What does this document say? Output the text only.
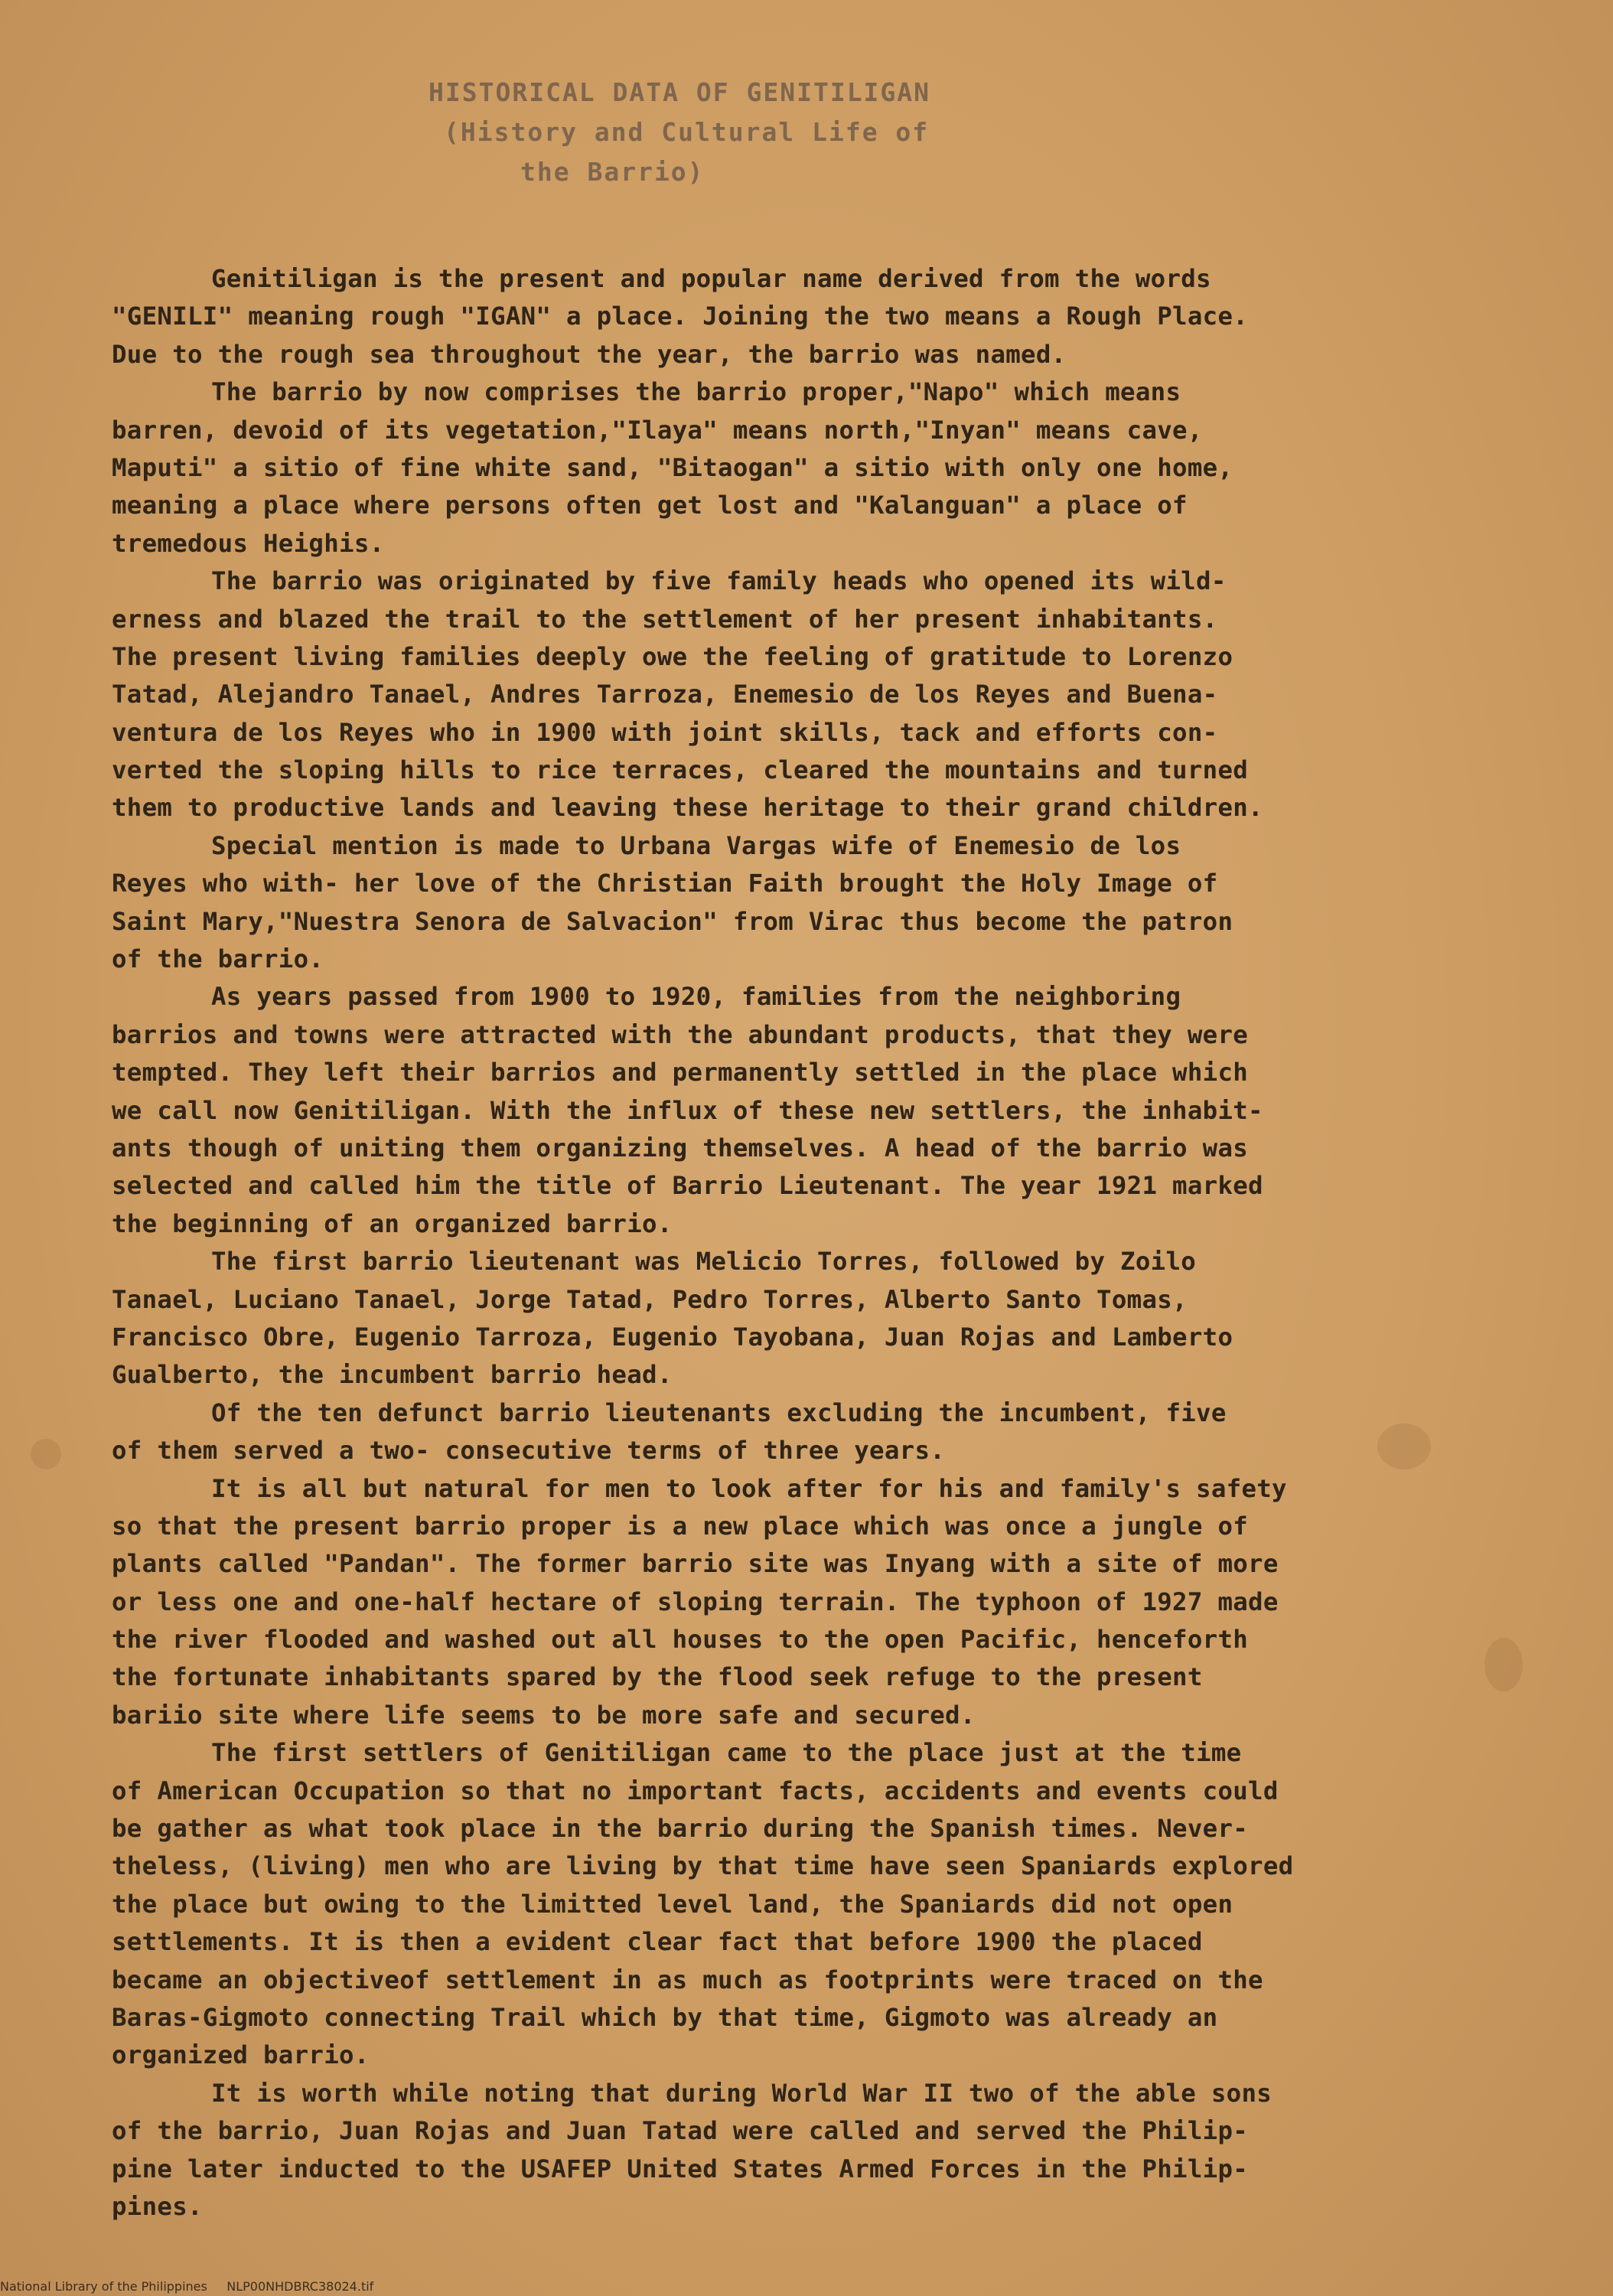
HISTORICAL DATA OF GENITILIGAN
(History and Cultural Life of
the Barrio)
Genitiligan is the present and popular name derived from the words
"GENILI" meaning rough "IGAN" a place. Joining the two means a Rough Place.
Due to the rough sea throughout the year, the barrio was named.
The barrio by now comprises the barrio proper,"Napo" which means
barren, devoid of its vegetation,"Ilaya" means north,"Inyan" means cave,
Maputi" a sitio of fine white sand, "Bitaogan" a sitio with only one home,
meaning a place where persons often get lost and "Kalanguan" a place of
tremedous Heighis.
The barrio was originated by five family heads who opened its wild-
erness and blazed the trail to the settlement of her present inhabitants.
The present living families deeply owe the feeling of gratitude to Lorenzo
Tatad, Alejandro Tanael, Andres Tarroza, Enemesio de los Reyes and Buena-
ventura de los Reyes who in 1900 with joint skills, tack and efforts con-
verted the sloping hills to rice terraces, cleared the mountains and turned
them to productive lands and leaving these heritage to their grand children.
Special mention is made to Urbana Vargas wife of Enemesio de los
Reyes who with- her love of the Christian Faith brought the Holy Image of
Saint Mary,"Nuestra Senora de Salvacion" from Virac thus become the patron
of the barrio.
As years passed from 1900 to 1920, families from the neighboring
barrios and towns were attracted with the abundant products, that they were
tempted. They left their barrios and permanently settled in the place which
we call now Genitiligan. With the influx of these new settlers, the inhabit-
ants though of uniting them organizing themselves. A head of the barrio was
selected and called him the title of Barrio Lieutenant. The year 1921 marked
the beginning of an organized barrio.
The first barrio lieutenant was Melicio Torres, followed by Zoilo
Tanael, Luciano Tanael, Jorge Tatad, Pedro Torres, Alberto Santo Tomas,
Francisco Obre, Eugenio Tarroza, Eugenio Tayobana, Juan Rojas and Lamberto
Gualberto, the incumbent barrio head.
Of the ten defunct barrio lieutenants excluding the incumbent, five
of them served a two- consecutive terms of three years.
It is all but natural for men to look after for his and family's safety
so that the present barrio proper is a new place which was once a jungle of
plants called "Pandan". The former barrio site was Inyang with a site of more
or less one and one-half hectare of sloping terrain. The typhoon of 1927 made
the river flooded and washed out all houses to the open Pacific, henceforth
the fortunate inhabitants spared by the flood seek refuge to the present
bariio site where life seems to be more safe and secured.
The first settlers of Genitiligan came to the place just at the time
of American Occupation so that no important facts, accidents and events could
be gather as what took place in the barrio during the Spanish times. Never-
theless, (living) men who are living by that time have seen Spaniards explored
the place but owing to the limitted level land, the Spaniards did not open
settlements. It is then a evident clear fact that before 1900 the placed
became an objectiveof settlement in as much as footprints were traced on the
Baras-Gigmoto connecting Trail which by that time, Gigmoto was already an
organized barrio.
It is worth while noting that during World War II two of the able sons
of the barrio, Juan Rojas and Juan Tatad were called and served the Philip-
pine later inducted to the USAFEP United States Armed Forces in the Philip-
pines.
National Library of the Philippines     NLP00NHDBRC38024.tif
